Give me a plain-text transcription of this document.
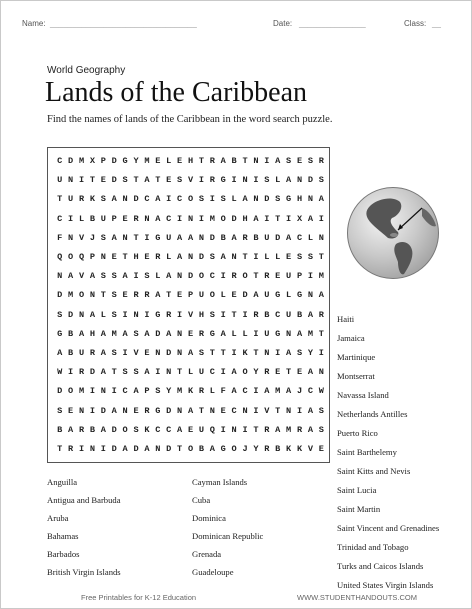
Name: _________________________________	Date: _______________	Class: __
World Geography
Lands of the Caribbean
Find the names of lands of the Caribbean in the word search puzzle.
C D M X P D G Y M E L E H T R A B T N I A S E S R
U N I T E D S T A T E S V I R G I N I S L A N D S
T U R K S A N D C A I C O S I S L A N D S G H N A
C I L B U P E R N A C I N I M O D H A I T I X A I
F N V J S A N T I G U A A N D B A R B U D A C L N
Q O Q P N E T H E R L A N D S A N T I L L E S S T
N A V A S S A I S L A N D O C I R O T R E U P I M
D M O N T S E R R A T E P U O L E D A U G L G N A
S D N A L S I N I G R I V H S I T I R B C U B A R
G B A H A M A S A D A N E R G A L L I U G N A M T
A B U R A S I V E N D N A S T T I K T N I A S Y I
W I R D A T S S A I N T L U C I A O Y R E T E A N
D O M I N I C A P S Y M K R L F A C I A M A J C W
S E N I D A N E R G D N A T N E C N I V T N I A S
B A R B A D O S K C C A E U Q I N I T R A M R A S
T R I N I D A D A N D T O B A G O J Y R B K K V E
Anguilla
Antigua and Barbuda
Aruba
Bahamas
Barbados
British Virgin Islands
Cayman Islands
Cuba
Dominica
Dominican Republic
Grenada
Guadeloupe
Haiti
Jamaica
Martinique
Montserrat
Navassa Island
Netherlands Antilles
Puerto Rico
Saint Barthelemy
Saint Kitts and Nevis
Saint Lucia
Saint Martin
Saint Vincent and Grenadines
Trinidad and Tobago
Turks and Caicos Islands
United States Virgin Islands
Free Printables for K-12 Education	WWW.STUDENTHANDOUTS.COM
